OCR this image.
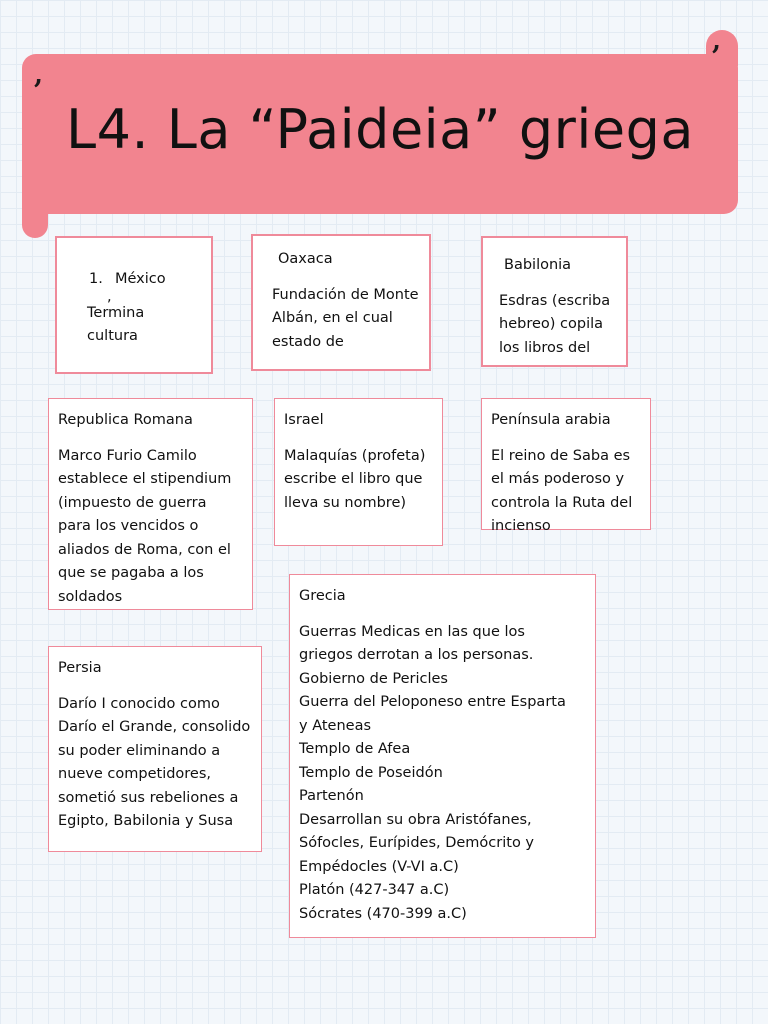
,
,
L4. La “Paideia” griega
1. México
,
Termina
cultura

Oaxaca

Fundación de Monte Albán, en el cual estado de

Babilonia

Esdras (escriba hebreo) copila los libros del

Republica Romana

Marco Furio Camilo establece el stipendium (impuesto de guerra para los vencidos o aliados de Roma, con el que se pagaba a los soldados

Israel

Malaquías (profeta) escribe el libro que lleva su nombre)

Península arabia

El reino de Saba es el más poderoso y controla la Ruta del incienso

Grecia

Guerras Medicas en las que los
griegos derrotan a los personas.
Gobierno de Pericles
Guerra del Peloponeso entre Esparta
y Ateneas
Templo de Afea
Templo de Poseidón
Partenón
Desarrollan su obra Aristófanes,
Sófocles, Eurípides, Demócrito y
Empédocles (V-VI a.C)
Platón (427-347 a.C)
Sócrates (470-399 a.C)

Persia

Darío I conocido como Darío el Grande, consolido su poder eliminando a nueve competidores, sometió sus rebeliones a Egipto, Babilonia y Susa
